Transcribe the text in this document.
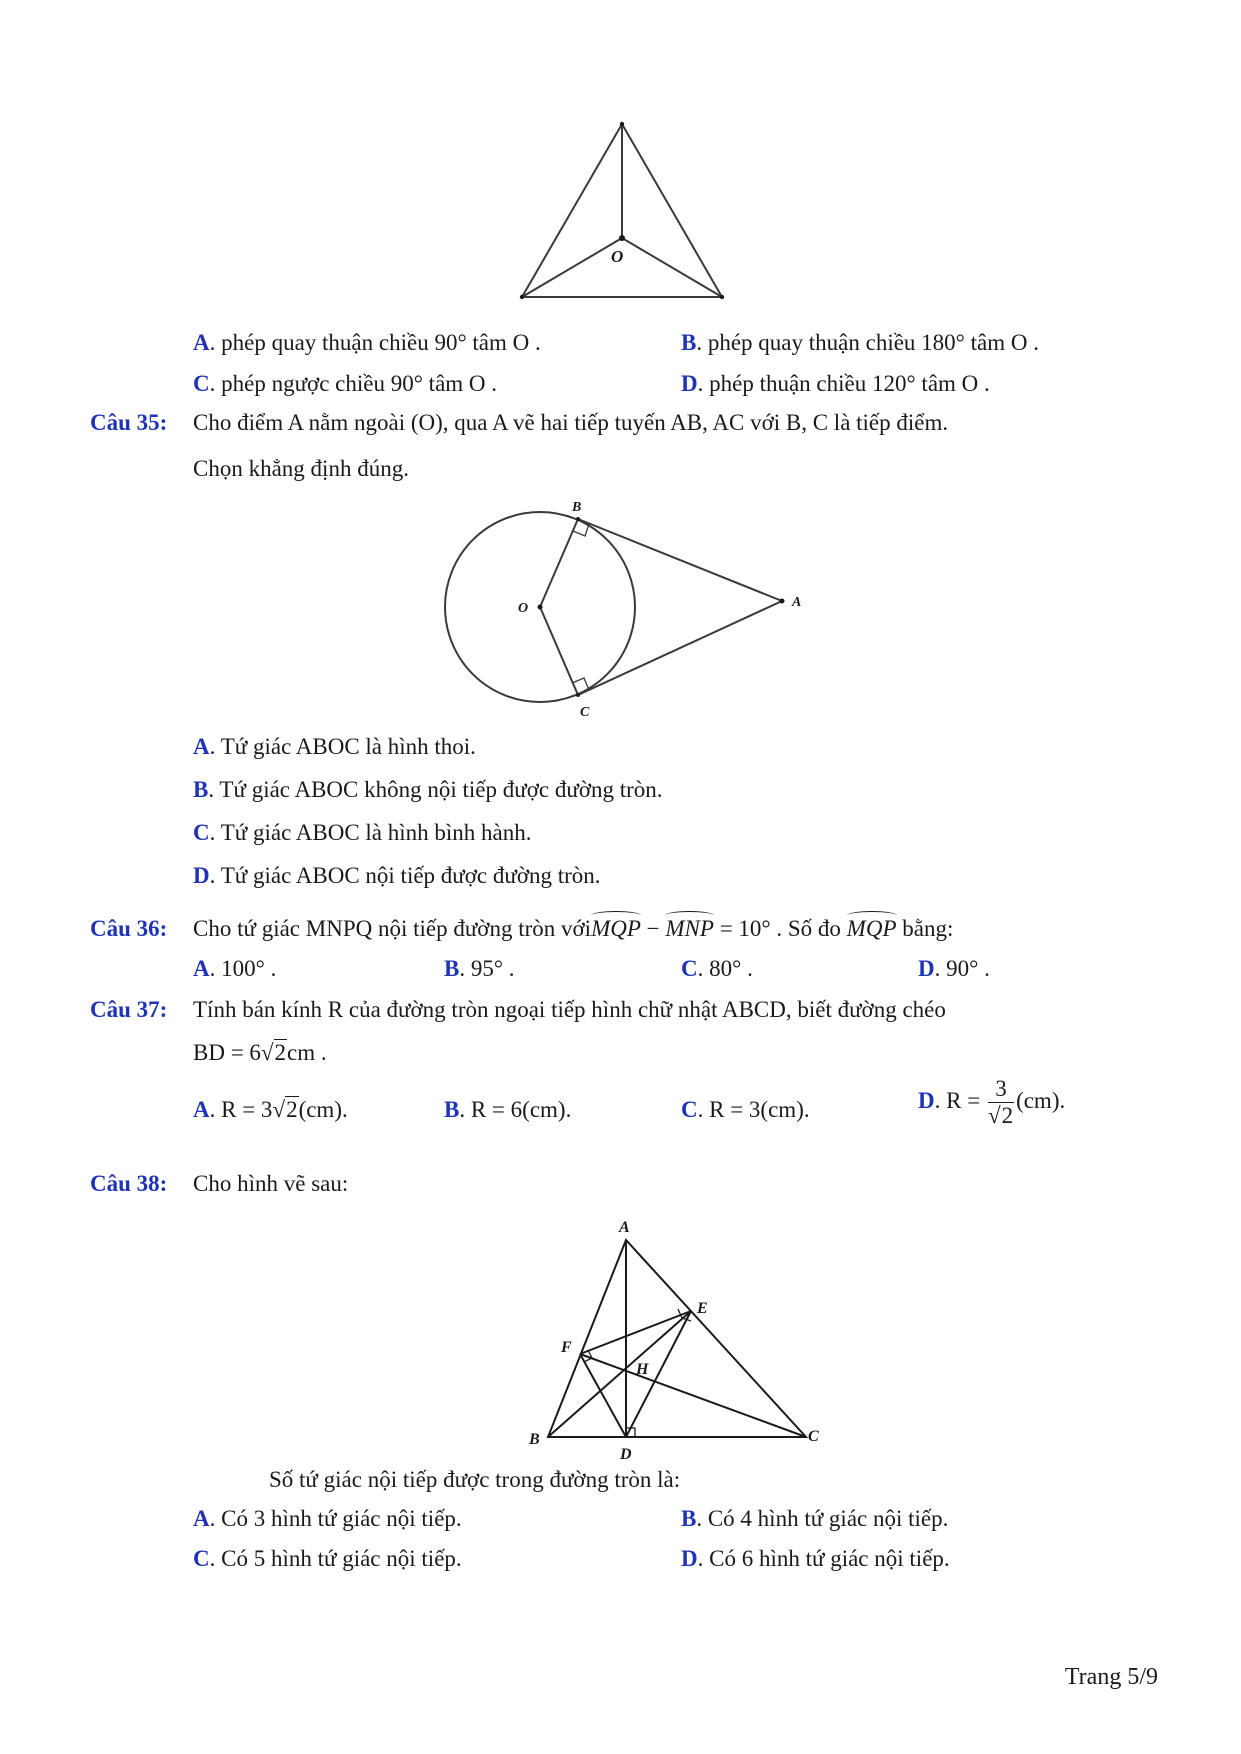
O
A. phép quay thuận chiều 90° tâm O .	B. phép quay thuận chiều 180° tâm O .
C. phép ngược chiều 90° tâm O .	D. phép thuận chiều 120° tâm O .
Câu 35: Cho điểm A nằm ngoài (O), qua A vẽ hai tiếp tuyến AB, AC với B, C là tiếp điểm.
Chọn khẳng định đúng.
B
O	A
C
A. Tứ giác ABOC là hình thoi.
B. Tứ giác ABOC không nội tiếp được đường tròn.
C. Tứ giác ABOC là hình bình hành.
D. Tứ giác ABOC nội tiếp được đường tròn.
Câu 36: Cho tứ giác MNPQ nội tiếp đường tròn vớiMQP − MNP = 10° . Số đo MQP bằng:
A. 100° .	B. 95° .	C. 80° .	D. 90° .
Câu 37: Tính bán kính R của đường tròn ngoại tiếp hình chữ nhật ABCD, biết đường chéo
BD = 6√2cm .
A. R = 3√2(cm).	B. R = 6(cm).	C. R = 3(cm).	D. $R = \frac{3}{√2} (cm)$.
Câu 38: Cho hình vẽ sau:
A
E
F
H
B
D
C
Số tứ giác nội tiếp được trong đường tròn là:
A. Có 3 hình tứ giác nội tiếp.	B. Có 4 hình tứ giác nội tiếp.
C. Có 5 hình tứ giác nội tiếp.	D. Có 6 hình tứ giác nội tiếp.
Trang 5/9
